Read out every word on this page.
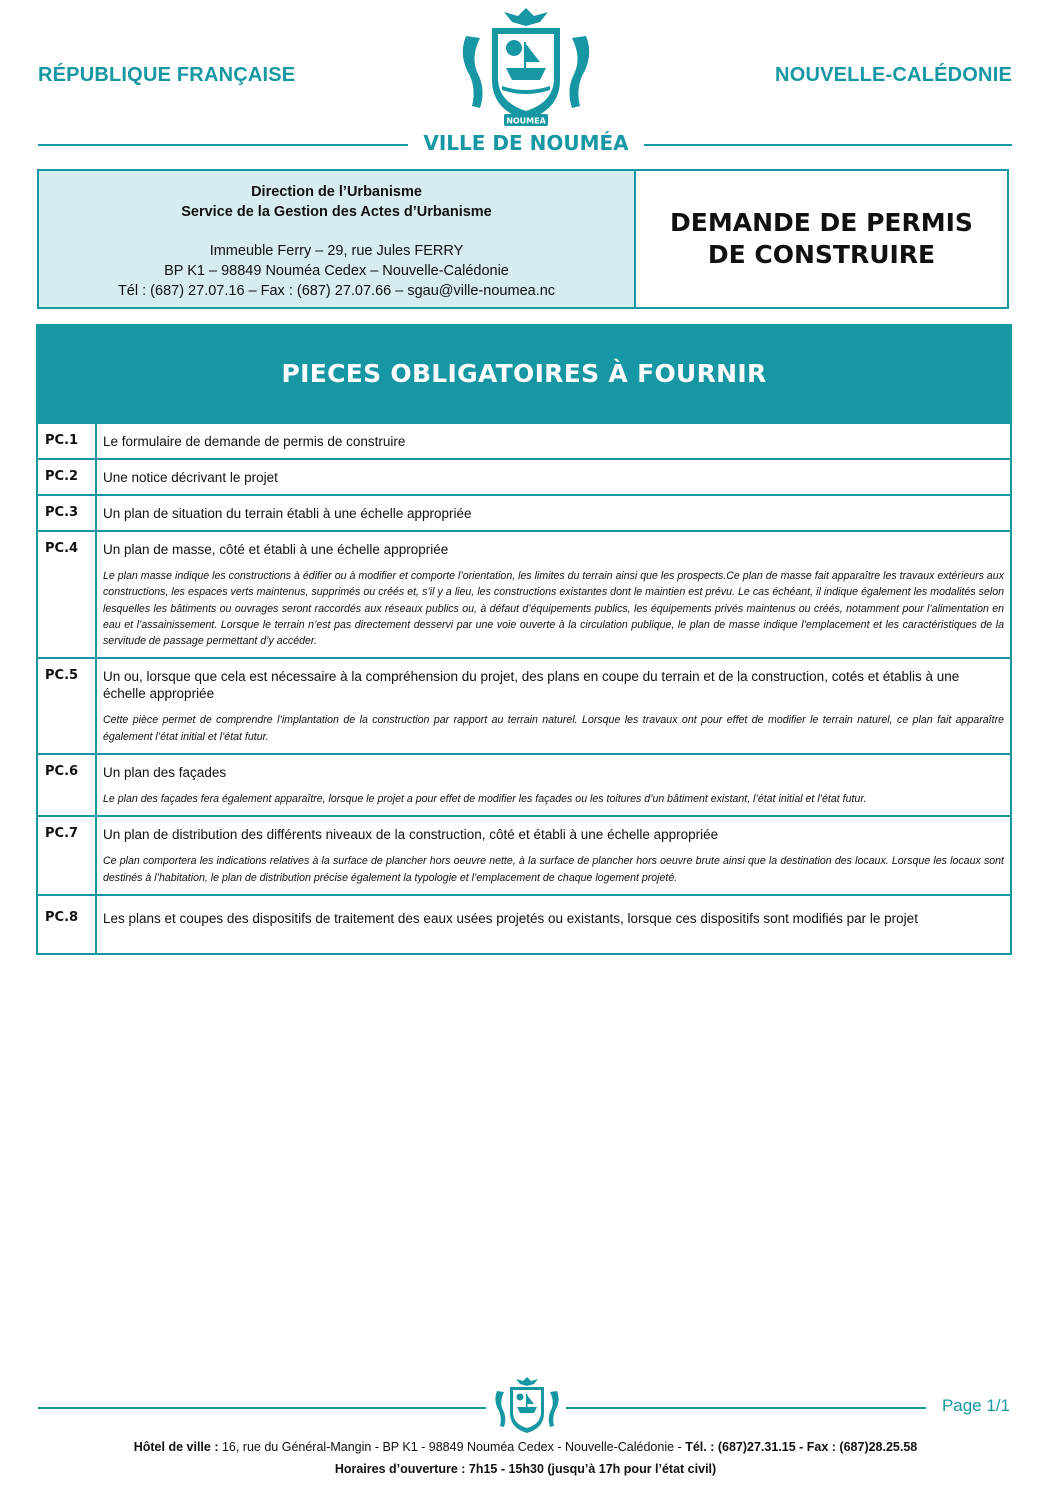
RÉPUBLIQUE FRANÇAISE	NOUVELLE-CALÉDONIE
NOUMEA
VILLE DE NOUMÉA
Direction de l’Urbanisme
Service de la Gestion des Actes d’Urbanisme
Immeuble Ferry – 29, rue Jules FERRY
BP K1 – 98849 Nouméa Cedex – Nouvelle-Calédonie
Tél : (687) 27.07.16 – Fax : (687) 27.07.66 – sgau@ville-noumea.nc
DEMANDE DE PERMIS
DE CONSTRUIRE
PIECES OBLIGATOIRES À FOURNIR
PC.1	Le formulaire de demande de permis de construire

PC.2	Une notice décrivant le projet

PC.3	Un plan de situation du terrain établi à une échelle appropriée

PC.4	Un plan de masse, côté et établi à une échelle appropriée
Le plan masse indique les constructions à édifier ou à modifier et comporte l’orientation, les limites du terrain ainsi que les prospects.Ce plan de masse fait apparaître les travaux extérieurs aux constructions, les espaces verts maintenus, supprimés ou créés et, s’il y a lieu, les constructions existantes dont le maintien est prévu. Le cas échéant, il indique également les modalités selon lesquelles les bâtiments ou ouvrages seront raccordés aux réseaux publics ou, à défaut d’équipements publics, les équipements privés maintenus ou créés, notamment pour l’alimentation en eau et l’assainissement. Lorsque le terrain n’est pas directement desservi par une voie ouverte à la circulation publique, le plan de masse indique l’emplacement et les caractéristiques de la servitude de passage permettant d’y accéder.

PC.5	Un ou, lorsque que cela est nécessaire à la compréhension du projet, des plans en coupe du terrain et de la construction, cotés et établis à une échelle appropriée
Cette pièce permet de comprendre l’implantation de la construction par rapport au terrain naturel. Lorsque les travaux ont pour effet de modifier le terrain naturel, ce plan fait apparaître également l’état initial et l’état futur.

PC.6	Un plan des façades
Le plan des façades fera également apparaître, lorsque le projet a pour effet de modifier les façades ou les toitures d’un bâtiment existant, l’état initial et l’état futur.

PC.7	Un plan de distribution des différents niveaux de la construction, côté et établi à une échelle appropriée
Ce plan comportera les indications relatives à la surface de plancher hors oeuvre nette, à la surface de plancher hors oeuvre brute ainsi que la destination des locaux. Lorsque les locaux sont destinés à l’habitation, le plan de distribution précise également la typologie et l’emplacement de chaque logement projeté.

PC.8	Les plans et coupes des dispositifs de traitement des eaux usées projetés ou existants, lorsque ces dispositifs sont modifiés par le projet
Page 1/1
Hôtel de ville : 16, rue du Général-Mangin - BP K1 - 98849 Nouméa Cedex - Nouvelle-Calédonie - Tél. : (687)27.31.15 - Fax : (687)28.25.58
Horaires d’ouverture : 7h15 - 15h30 (jusqu’à 17h pour l’état civil)
